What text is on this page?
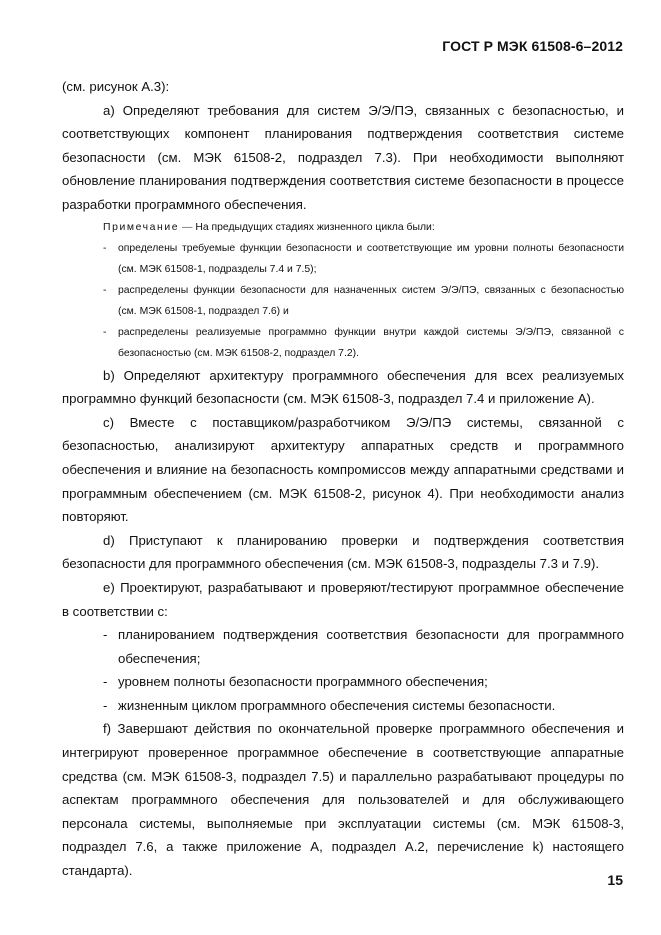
ГОСТ Р МЭК 61508-6–2012

(см. рисунок А.3):

a) Определяют требования для систем Э/Э/ПЭ, связанных с безопасностью, и соответствующих компонент планирования подтверждения соответствия системе безопасности (см. МЭК 61508-2, подраздел 7.3). При необходимости выполняют обновление планирования подтверждения соответствия системе безопасности в процессе разработки программного обеспечения.

Примечание — На предыдущих стадиях жизненного цикла были:
- определены требуемые функции безопасности и соответствующие им уровни полноты безопасности (см. МЭК 61508-1, подразделы 7.4 и 7.5);
- распределены функции безопасности для назначенных систем Э/Э/ПЭ, связанных с безопасностью (см. МЭК 61508-1, подраздел 7.6) и
- распределены реализуемые программно функции внутри каждой системы Э/Э/ПЭ, связанной с безопасностью (см. МЭК 61508-2, подраздел 7.2).

b) Определяют архитектуру программного обеспечения для всех реализуемых программно функций безопасности (см. МЭК 61508-3, подраздел 7.4 и приложение А).

с) Вместе с поставщиком/разработчиком Э/Э/ПЭ системы, связанной с безопасностью, анализируют архитектуру аппаратных средств и программного обеспечения и влияние на безопасность компромиссов между аппаратными средствами и программным обеспечением (см. МЭК 61508-2, рисунок 4). При необходимости анализ повторяют.

d) Приступают к планированию проверки и подтверждения соответствия безопасности для программного обеспечения (см. МЭК 61508-3, подразделы 7.3 и 7.9).

е) Проектируют, разрабатывают и проверяют/тестируют программное обеспечение в соответствии с:

- планированием подтверждения соответствия безопасности для программного обеспечения;
- уровнем полноты безопасности программного обеспечения;
- жизненным циклом программного обеспечения системы безопасности.

f) Завершают действия по окончательной проверке программного обеспечения и интегрируют проверенное программное обеспечение в соответствующие аппаратные средства (см. МЭК 61508-3, подраздел 7.5) и параллельно разрабатывают процедуры по аспектам программного обеспечения для пользователей и для обслуживающего персонала системы, выполняемые при эксплуатации системы (см. МЭК 61508-3, подраздел 7.6, а также приложение А, подраздел А.2, перечисление k) настоящего стандарта).

15
